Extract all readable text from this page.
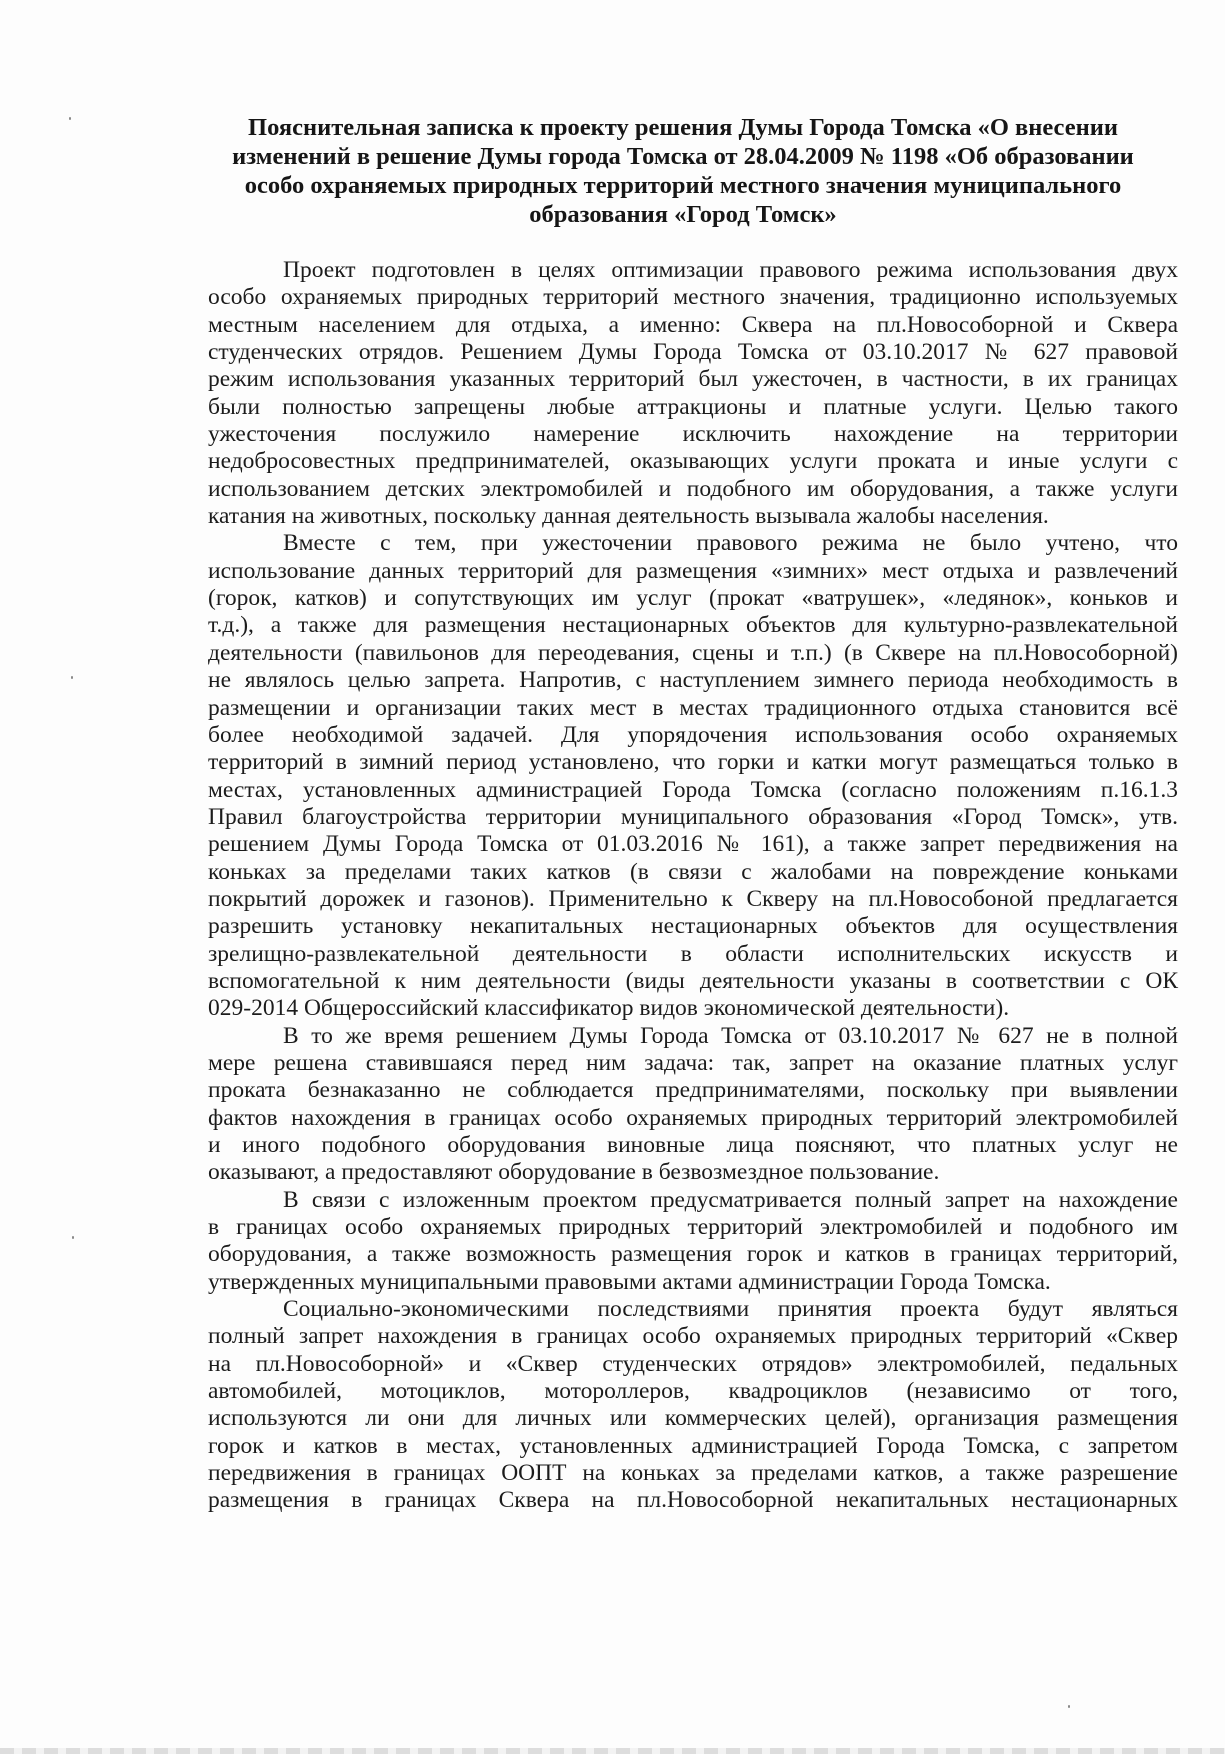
Пояснительная записка к проекту решения Думы Города Томска «О внесении
изменений в решение Думы города Томска от 28.04.2009 № 1198 «Об образовании
особо охраняемых природных территорий местного значения муниципального
образования «Город Томск»
Проект подготовлен в целях оптимизации правового режима использования двух
особо охраняемых природных территорий местного значения, традиционно используемых
местным населением для отдыха, а именно: Сквера на пл.Новособорной и Сквера
студенческих отрядов. Решением Думы Города Томска от 03.10.2017 № 627 правовой
режим использования указанных территорий был ужесточен, в частности, в их границах
были полностью запрещены любые аттракционы и платные услуги. Целью такого
ужесточения послужило намерение исключить нахождение на территории
недобросовестных предпринимателей, оказывающих услуги проката и иные услуги с
использованием детских электромобилей и подобного им оборудования, а также услуги
катания на животных, поскольку данная деятельность вызывала жалобы населения.
Вместе с тем, при ужесточении правового режима не было учтено, что
использование данных территорий для размещения «зимних» мест отдыха и развлечений
(горок, катков) и сопутствующих им услуг (прокат «ватрушек», «ледянок», коньков и
т.д.), а также для размещения нестационарных объектов для культурно-развлекательной
деятельности (павильонов для переодевания, сцены и т.п.) (в Сквере на пл.Новособорной)
не являлось целью запрета. Напротив, с наступлением зимнего периода необходимость в
размещении и организации таких мест в местах традиционного отдыха становится всё
более необходимой задачей. Для упорядочения использования особо охраняемых
территорий в зимний период установлено, что горки и катки могут размещаться только в
местах, установленных администрацией Города Томска (согласно положениям п.16.1.3
Правил благоустройства территории муниципального образования «Город Томск», утв.
решением Думы Города Томска от 01.03.2016 № 161), а также запрет передвижения на
коньках за пределами таких катков (в связи с жалобами на повреждение коньками
покрытий дорожек и газонов). Применительно к Скверу на пл.Новособоной предлагается
разрешить установку некапитальных нестационарных объектов для осуществления
зрелищно-развлекательной деятельности в области исполнительских искусств и
вспомогательной к ним деятельности (виды деятельности указаны в соответствии с ОК
029-2014 Общероссийский классификатор видов экономической деятельности).
В то же время решением Думы Города Томска от 03.10.2017 № 627 не в полной
мере решена ставившаяся перед ним задача: так, запрет на оказание платных услуг
проката безнаказанно не соблюдается предпринимателями, поскольку при выявлении
фактов нахождения в границах особо охраняемых природных территорий электромобилей
и иного подобного оборудования виновные лица поясняют, что платных услуг не
оказывают, а предоставляют оборудование в безвозмездное пользование.
В связи с изложенным проектом предусматривается полный запрет на нахождение
в границах особо охраняемых природных территорий электромобилей и подобного им
оборудования, а также возможность размещения горок и катков в границах территорий,
утвержденных муниципальными правовыми актами администрации Города Томска.
Социально-экономическими последствиями принятия проекта будут являться
полный запрет нахождения в границах особо охраняемых природных территорий «Сквер
на пл.Новособорной» и «Сквер студенческих отрядов» электромобилей, педальных
автомобилей, мотоциклов, мотороллеров, квадроциклов (независимо от того,
используются ли они для личных или коммерческих целей), организация размещения
горок и катков в местах, установленных администрацией Города Томска, с запретом
передвижения в границах ООПТ на коньках за пределами катков, а также разрешение
размещения в границах Сквера на пл.Новособорной некапитальных нестационарных
